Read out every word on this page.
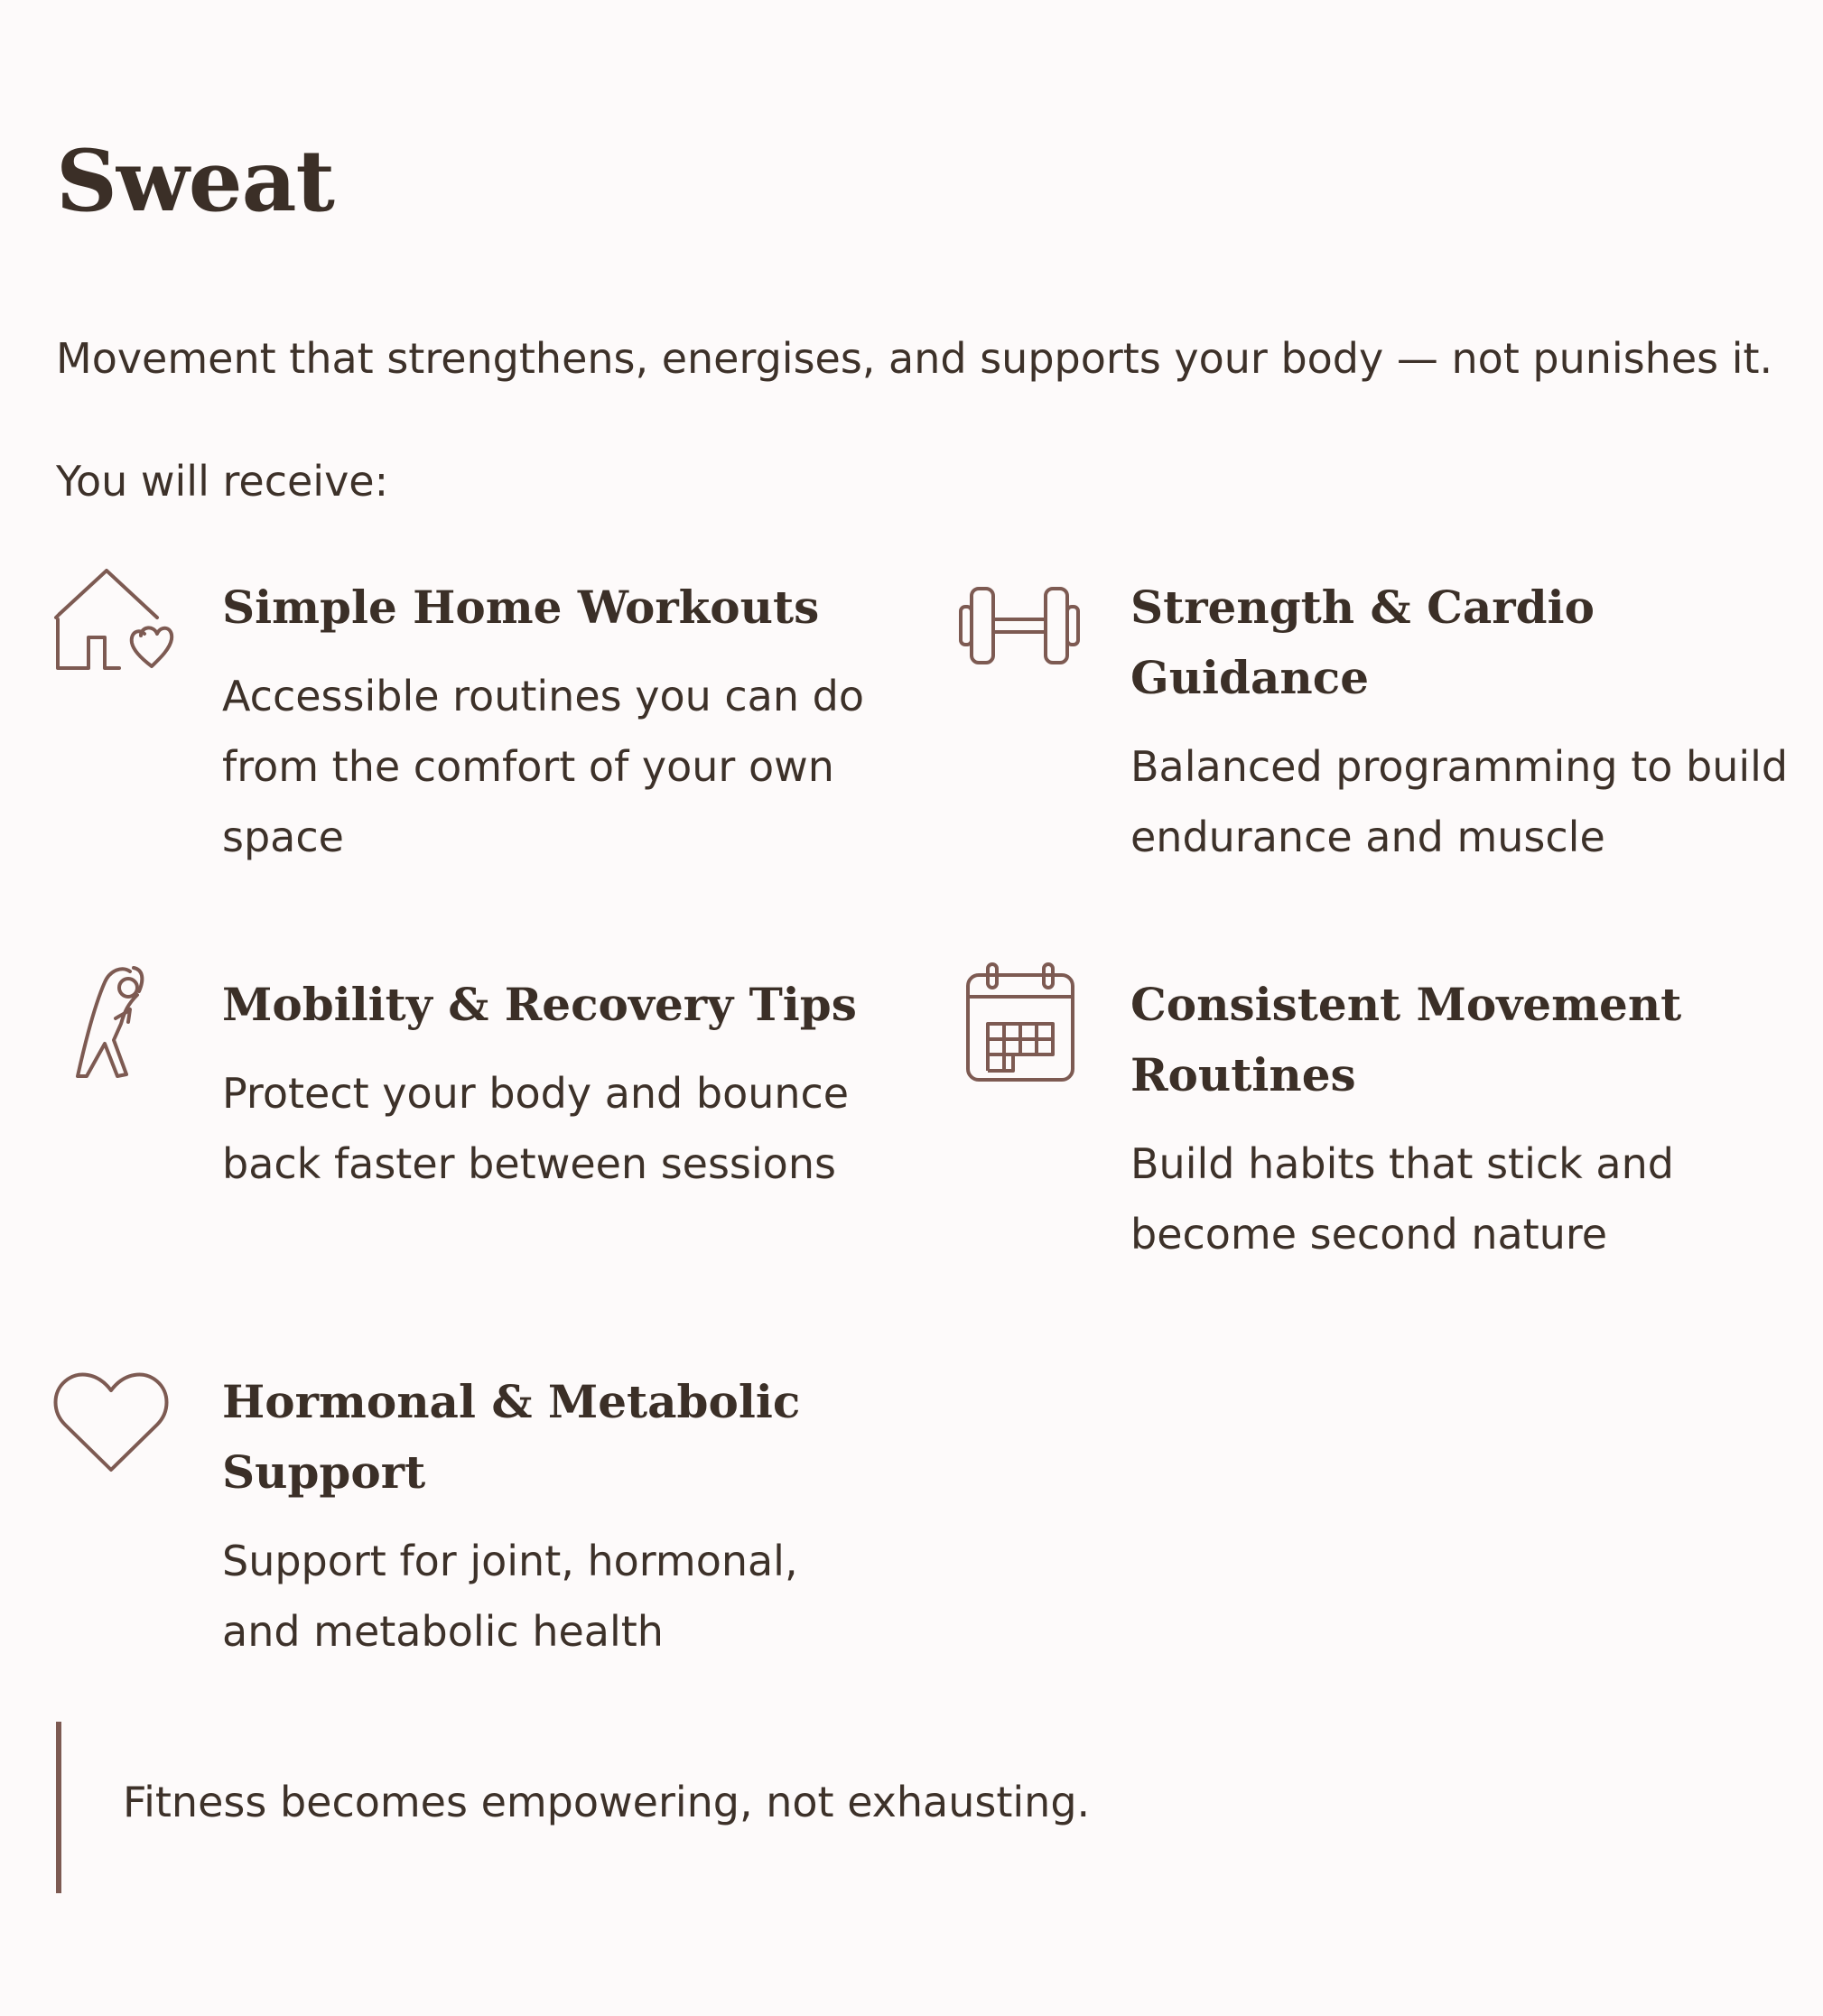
Sweat

Movement that strengthens, energises, and supports your body — not punishes it.

You will receive:

Simple Home Workouts

Accessible routines you can do from the comfort of your own space

Strength & Cardio Guidance

Balanced programming to build endurance and muscle

Mobility & Recovery Tips

Protect your body and bounce back faster between sessions

Consistent Movement Routines

Build habits that stick and become second nature

Hormonal & Metabolic Support

Support for joint, hormonal, and metabolic health

Fitness becomes empowering, not exhausting.
